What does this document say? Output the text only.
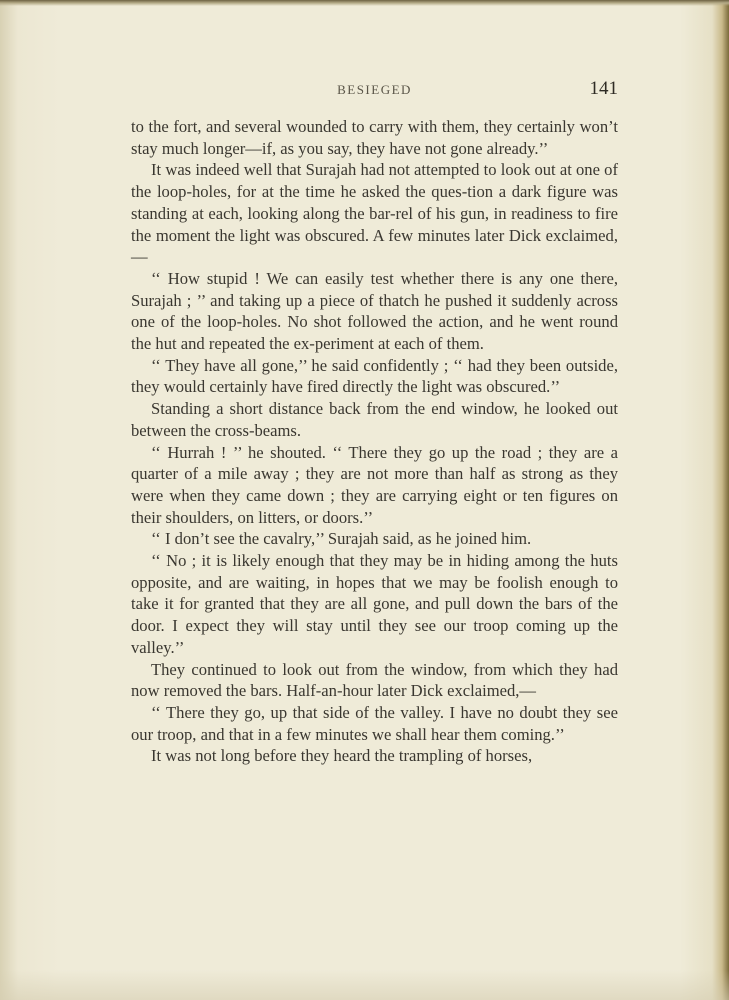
BESIEGED	141

to the fort, and several wounded to carry with them, they certainly won’t stay much longer—if, as you say, they have not gone already.’’

It was indeed well that Surajah had not attempted to look out at one of the loop-holes, for at the time he asked the ques-tion a dark figure was standing at each, looking along the bar-rel of his gun, in readiness to fire the moment the light was obscured. A few minutes later Dick exclaimed,—

‘‘ How stupid ! We can easily test whether there is any one there, Surajah ; ’’ and taking up a piece of thatch he pushed it suddenly across one of the loop-holes. No shot followed the action, and he went round the hut and repeated the ex-periment at each of them.

‘‘ They have all gone,’’ he said confidently ; ‘‘ had they been outside, they would certainly have fired directly the light was obscured.’’

Standing a short distance back from the end window, he looked out between the cross-beams.

‘‘ Hurrah ! ’’ he shouted. ‘‘ There they go up the road ; they are a quarter of a mile away ; they are not more than half as strong as they were when they came down ; they are carrying eight or ten figures on their shoulders, on litters, or doors.’’

‘‘ I don’t see the cavalry,’’ Surajah said, as he joined him.

‘‘ No ; it is likely enough that they may be in hiding among the huts opposite, and are waiting, in hopes that we may be foolish enough to take it for granted that they are all gone, and pull down the bars of the door. I expect they will stay until they see our troop coming up the valley.’’

They continued to look out from the window, from which they had now removed the bars. Half-an-hour later Dick exclaimed,—

‘‘ There they go, up that side of the valley. I have no doubt they see our troop, and that in a few minutes we shall hear them coming.’’

It was not long before they heard the trampling of horses,
